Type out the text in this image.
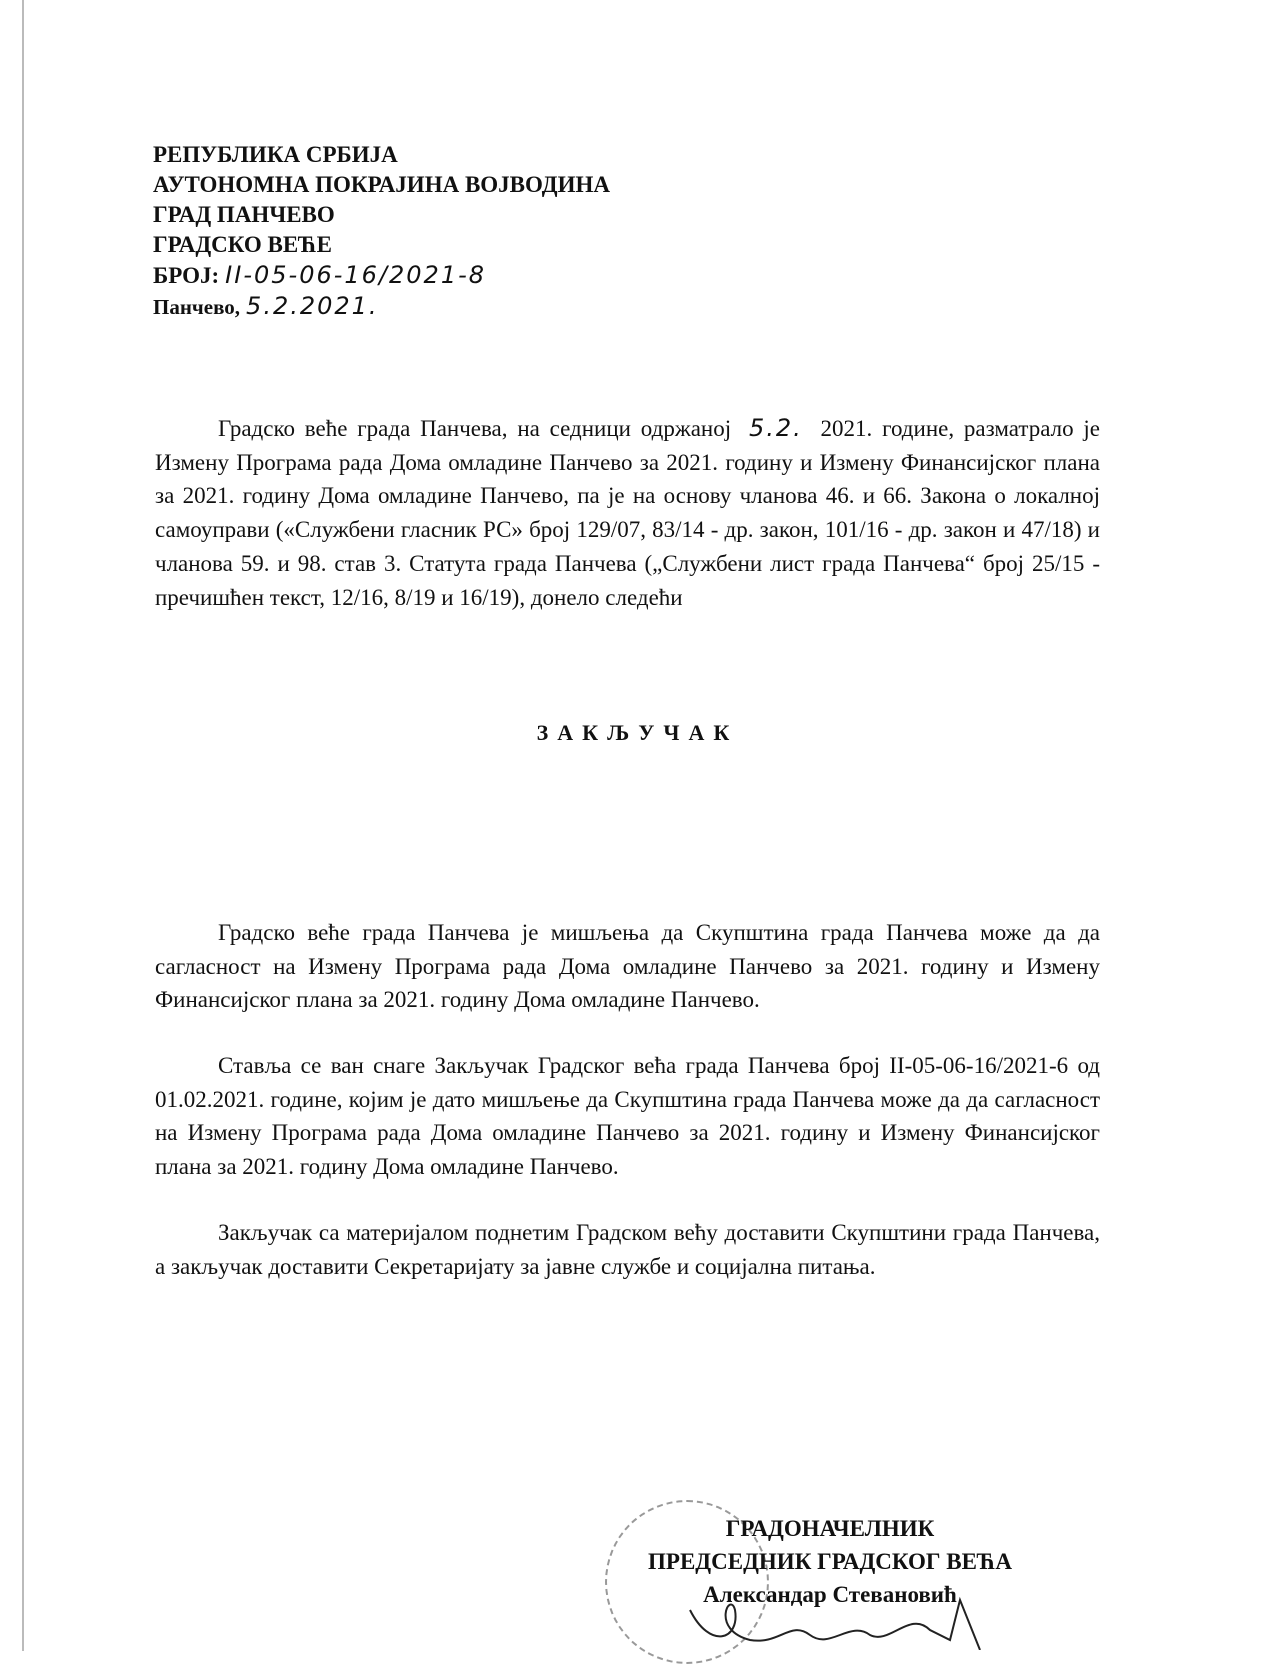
РЕПУБЛИКА СРБИЈА
АУТОНОМНА ПОКРАЈИНА ВОЈВОДИНА
ГРАД ПАНЧЕВО
ГРАДСКО ВЕЋЕ
БРОЈ: II-05-06-16/2021-8
Панчево, 5.2.2021.
Градско веће града Панчева, на седници одржаној 5.2. 2021. године, разматрало је Измену Програма рада Дома омладине Панчево за 2021. годину и Измену Финансијског плана за 2021. годину Дома омладине Панчево, па је на основу чланова 46. и 66. Закона о локалној самоуправи («Службени гласник РС» број 129/07, 83/14 - др. закон, 101/16 - др. закон и 47/18) и чланова 59. и 98. став 3. Статута града Панчева („Службени лист града Панчева“ број 25/15 - пречишћен текст, 12/16, 8/19 и 16/19), донело следећи
ЗАКЉУЧАК
Градско веће града Панчева је мишљења да Скупштина града Панчева може да да сагласност на Измену Програма рада Дома омладине Панчево за 2021. годину и Измену Финансијског плана за 2021. годину Дома омладине Панчево.
Ставља се ван снаге Закључак Градског већа града Панчева број II-05-06-16/2021-6 од 01.02.2021. године, којим је дато мишљење да Скупштина града Панчева може да да сагласност на Измену Програма рада Дома омладине Панчево за 2021. годину и Измену Финансијског плана за 2021. годину Дома омладине Панчево.
Закључак са материјалом поднетим Градском већу доставити Скупштини града Панчева, а закључак доставити Секретаријату за јавне службе и социјална питања.
ГРАДОНАЧЕЛНИК
ПРЕДСЕДНИК ГРАДСКОГ ВЕЋА
Александар Стевановић
